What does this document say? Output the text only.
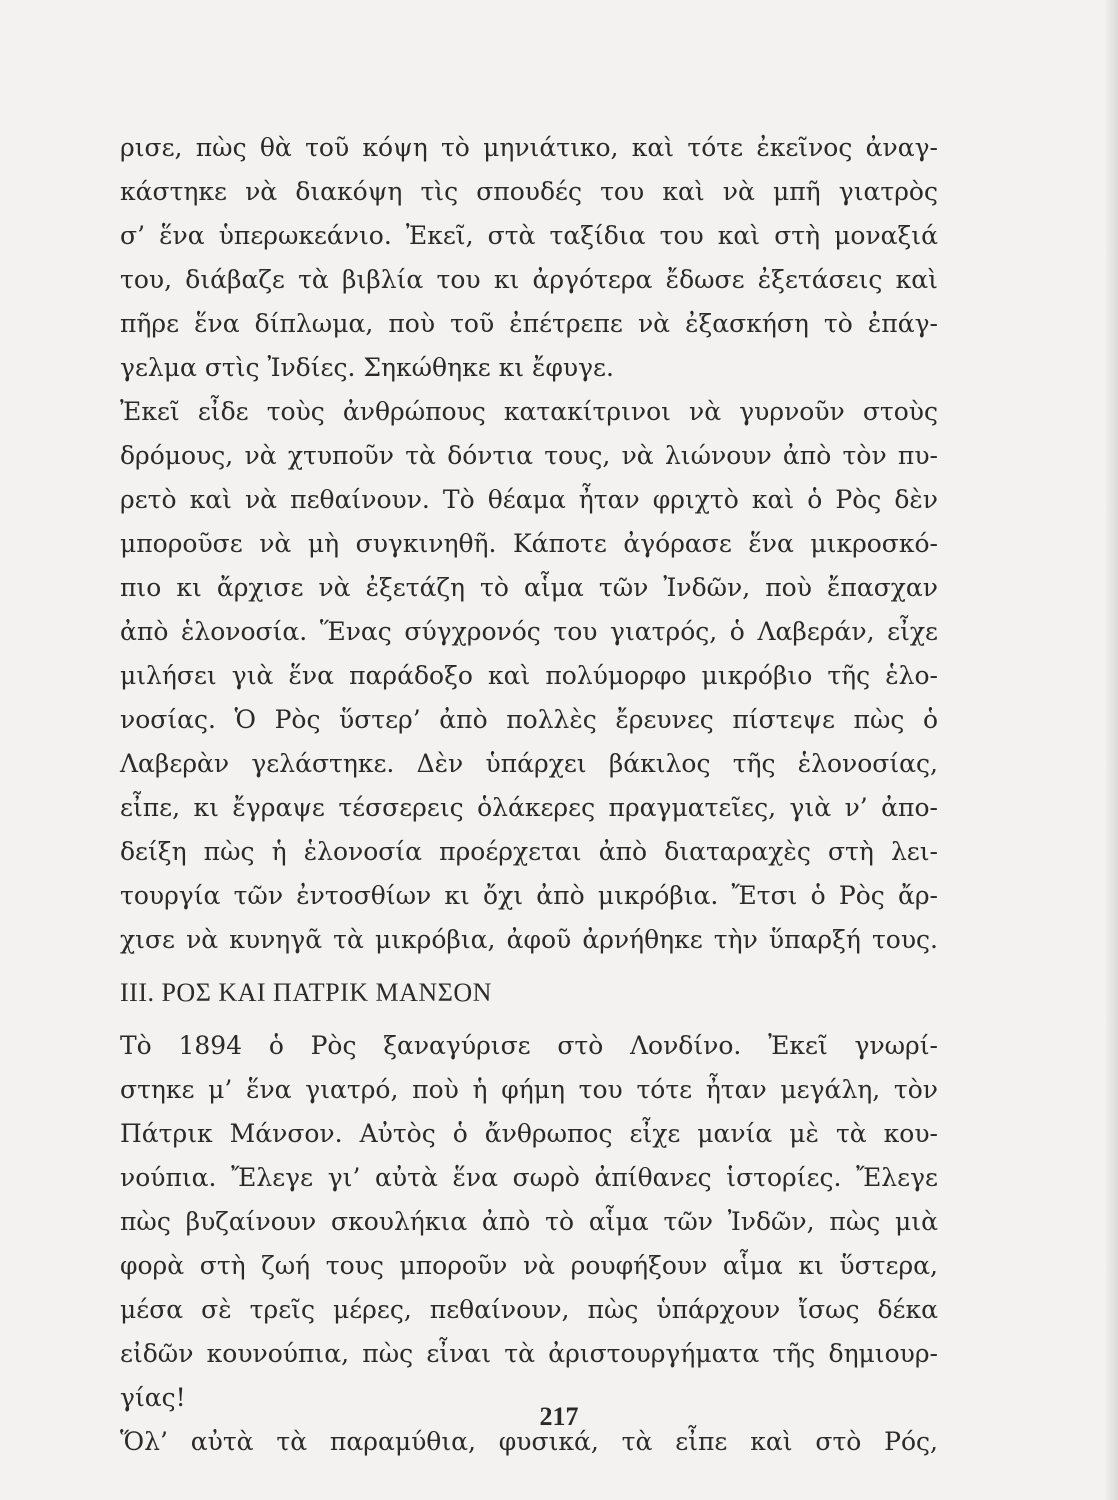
ρισε, πὼς θὰ τοῦ κόψη τὸ μηνιάτικο, καὶ τότε ἐκεῖνος ἀναγ-
κάστηκε νὰ διακόψη τὶς σπουδές του καὶ νὰ μπῆ γιατρὸς
σ’ ἕνα ὑπερωκεάνιο. Ἐκεῖ, στὰ ταξίδια του καὶ στὴ μοναξιά
του, διάβαζε τὰ βιβλία του κι ἀργότερα ἔδωσε ἐξετάσεις καὶ
πῆρε ἕνα δίπλωμα, ποὺ τοῦ ἐπέτρεπε νὰ ἐξασκήση τὸ ἐπάγ-
γελμα στὶς Ἰνδίες. Σηκώθηκε κι ἔφυγε.
Ἐκεῖ εἶδε τοὺς ἀνθρώπους κατακίτρινοι νὰ γυρνοῦν στοὺς
δρόμους, νὰ χτυποῦν τὰ δόντια τους, νὰ λιώνουν ἀπὸ τὸν πυ-
ρετὸ καὶ νὰ πεθαίνουν. Τὸ θέαμα ἦταν φριχτὸ καὶ ὁ Ρὸς δὲν
μποροῦσε νὰ μὴ συγκινηθῆ. Κάποτε ἀγόρασε ἕνα μικροσκό-
πιο κι ἄρχισε νὰ ἐξετάζη τὸ αἷμα τῶν Ἰνδῶν, ποὺ ἔπασχαν
ἀπὸ ἑλονοσία. Ἕνας σύγχρονός του γιατρός, ὁ Λαβεράν, εἶχε
μιλήσει γιὰ ἕνα παράδοξο καὶ πολύμορφο μικρόβιο τῆς ἑλο-
νοσίας. Ὁ Ρὸς ὕστερ’ ἀπὸ πολλὲς ἔρευνες πίστεψε πὼς ὁ
Λαβερὰν γελάστηκε. Δὲν ὑπάρχει βάκιλος τῆς ἑλονοσίας,
εἶπε, κι ἔγραψε τέσσερεις ὁλάκερες πραγματεῖες, γιὰ ν’ ἀπο-
δείξη πὼς ἡ ἑλονοσία προέρχεται ἀπὸ διαταραχὲς στὴ λει-
τουργία τῶν ἐντοσθίων κι ὄχι ἀπὸ μικρόβια. Ἔτσι ὁ Ρὸς ἄρ-
χισε νὰ κυνηγᾶ τὰ μικρόβια, ἀφοῦ ἀρνήθηκε τὴν ὕπαρξή τους.
III. ΡΟΣ ΚΑΙ ΠΑΤΡΙΚ ΜΑΝΣΟΝ
Τὸ 1894 ὁ Ρὸς ξαναγύρισε στὸ Λονδίνο. Ἐκεῖ γνωρί-
στηκε μ’ ἕνα γιατρό, ποὺ ἡ φήμη του τότε ἦταν μεγάλη, τὸν
Πάτρικ Μάνσον. Αὐτὸς ὁ ἄνθρωπος εἶχε μανία μὲ τὰ κου-
νούπια. Ἔλεγε γι’ αὐτὰ ἕνα σωρὸ ἀπίθανες ἱστορίες. Ἔλεγε
πὼς βυζαίνουν σκουλήκια ἀπὸ τὸ αἷμα τῶν Ἰνδῶν, πὼς μιὰ
φορὰ στὴ ζωή τους μποροῦν νὰ ρουφήξουν αἷμα κι ὕστερα,
μέσα σὲ τρεῖς μέρες, πεθαίνουν, πὼς ὑπάρχουν ἴσως δέκα
εἰδῶν κουνούπια, πὼς εἶναι τὰ ἀριστουργήματα τῆς δημιουρ-
γίας!
Ὅλ’ αὐτὰ τὰ παραμύθια, φυσικά, τὰ εἶπε καὶ στὸ Ρός,
217
